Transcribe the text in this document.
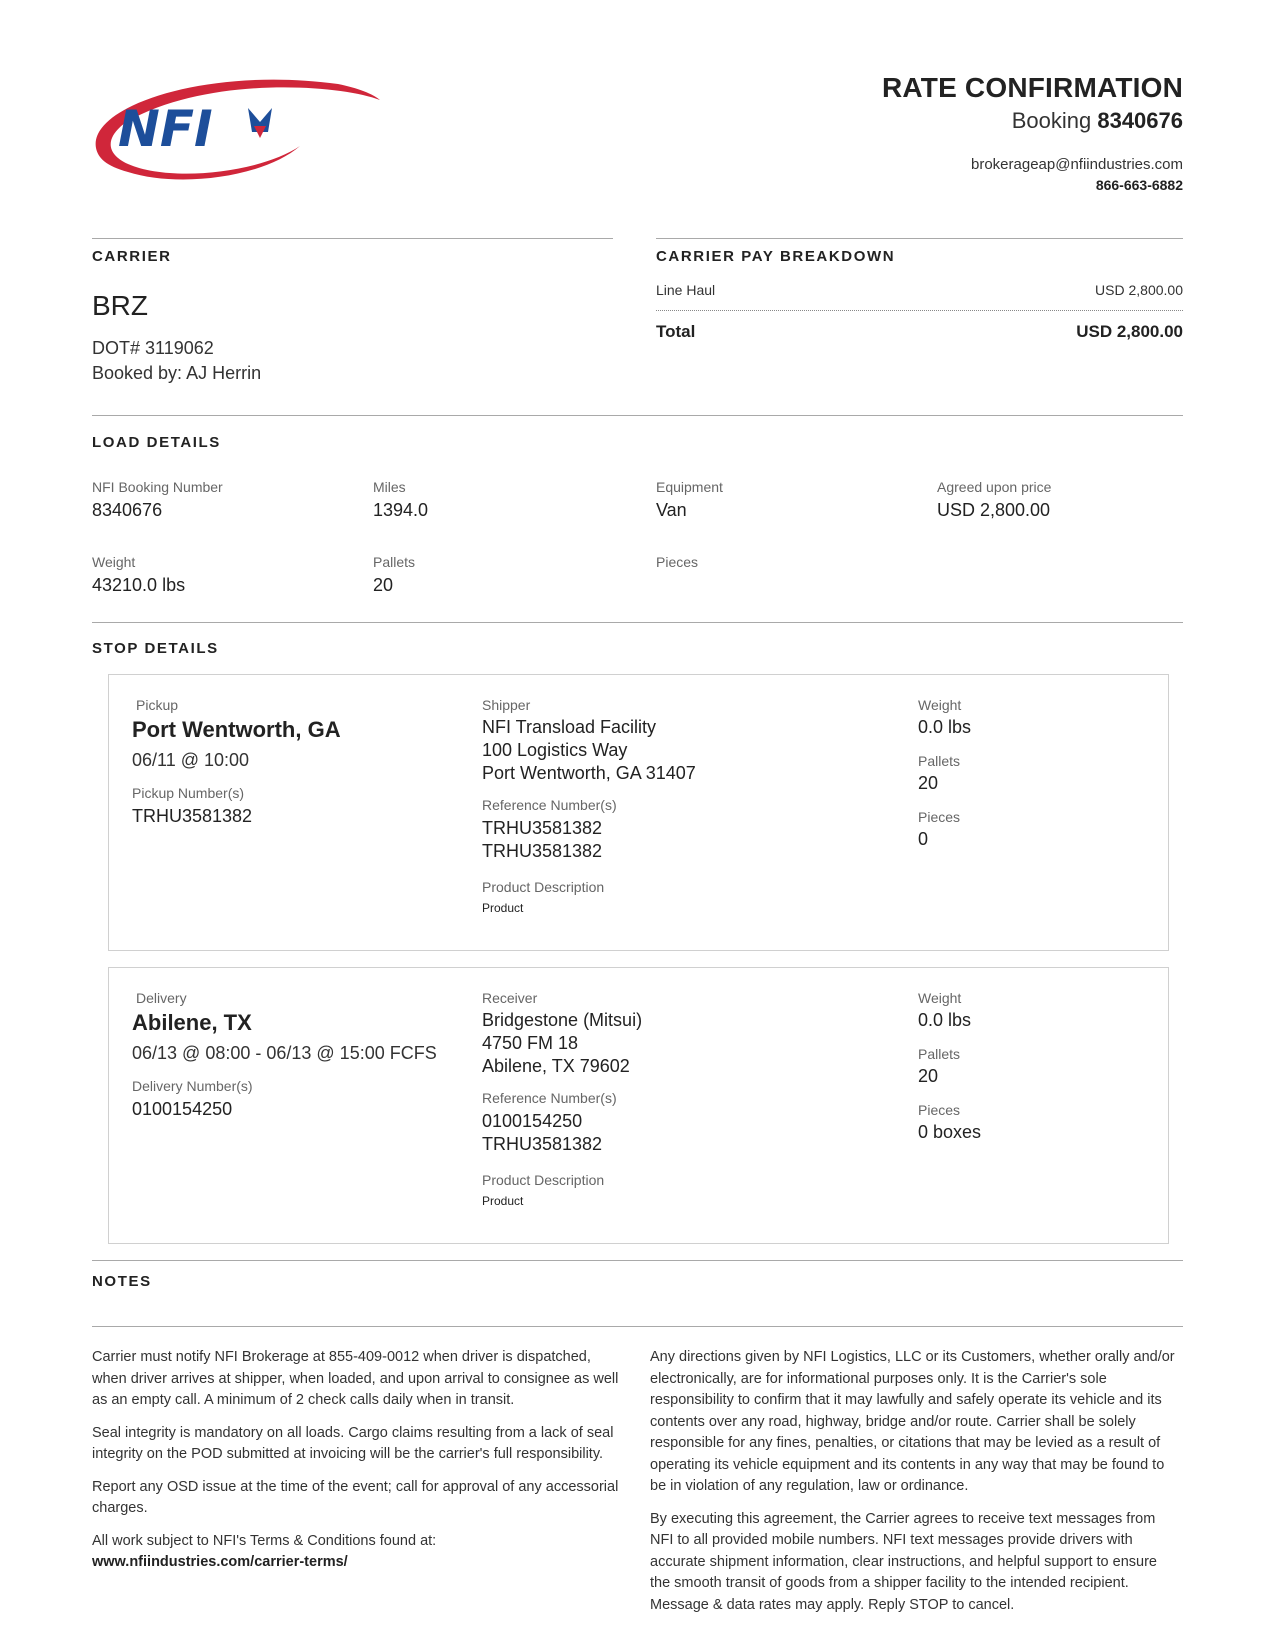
NFI
RATE CONFIRMATION
Booking 8340676
brokerageap@nfiindustries.com
866-663-6882
CARRIER
BRZ
DOT# 3119062
Booked by: AJ Herrin
CARRIER PAY BREAKDOWN
Line Haul	USD 2,800.00
Total	USD 2,800.00
LOAD DETAILS
NFI Booking Number
8340676
Miles
1394.0
Equipment
Van
Agreed upon price
USD 2,800.00
Weight
43210.0 lbs
Pallets
20
Pieces
STOP DETAILS
Pickup
Port Wentworth, GA
06/11 @ 10:00
Pickup Number(s)
TRHU3581382
Shipper
NFI Transload Facility
100 Logistics Way
Port Wentworth, GA 31407
Reference Number(s)
TRHU3581382
TRHU3581382
Product Description
Product
Weight
0.0 lbs
Pallets
20
Pieces
0
Delivery
Abilene, TX
06/13 @ 08:00 - 06/13 @ 15:00 FCFS
Delivery Number(s)
0100154250
Receiver
Bridgestone (Mitsui)
4750 FM 18
Abilene, TX 79602
Reference Number(s)
0100154250
TRHU3581382
Product Description
Product
Weight
0.0 lbs
Pallets
20
Pieces
0 boxes
NOTES

Carrier must notify NFI Brokerage at 855-409-0012 when driver is dispatched, when driver arrives at shipper, when loaded, and upon arrival to consignee as well as an empty call. A minimum of 2 check calls daily when in transit.

Seal integrity is mandatory on all loads. Cargo claims resulting from a lack of seal integrity on the POD submitted at invoicing will be the carrier's full responsibility.

Report any OSD issue at the time of the event; call for approval of any accessorial charges.

All work subject to NFI's Terms & Conditions found at:
www.nfiindustries.com/carrier-terms/

Any directions given by NFI Logistics, LLC or its Customers, whether orally and/or electronically, are for informational purposes only. It is the Carrier's sole responsibility to confirm that it may lawfully and safely operate its vehicle and its contents over any road, highway, bridge and/or route. Carrier shall be solely responsible for any fines, penalties, or citations that may be levied as a result of operating its vehicle equipment and its contents in any way that may be found to be in violation of any regulation, law or ordinance.

By executing this agreement, the Carrier agrees to receive text messages from NFI to all provided mobile numbers. NFI text messages provide drivers with accurate shipment information, clear instructions, and helpful support to ensure the smooth transit of goods from a shipper facility to the intended recipient. Message & data rates may apply. Reply STOP to cancel.
